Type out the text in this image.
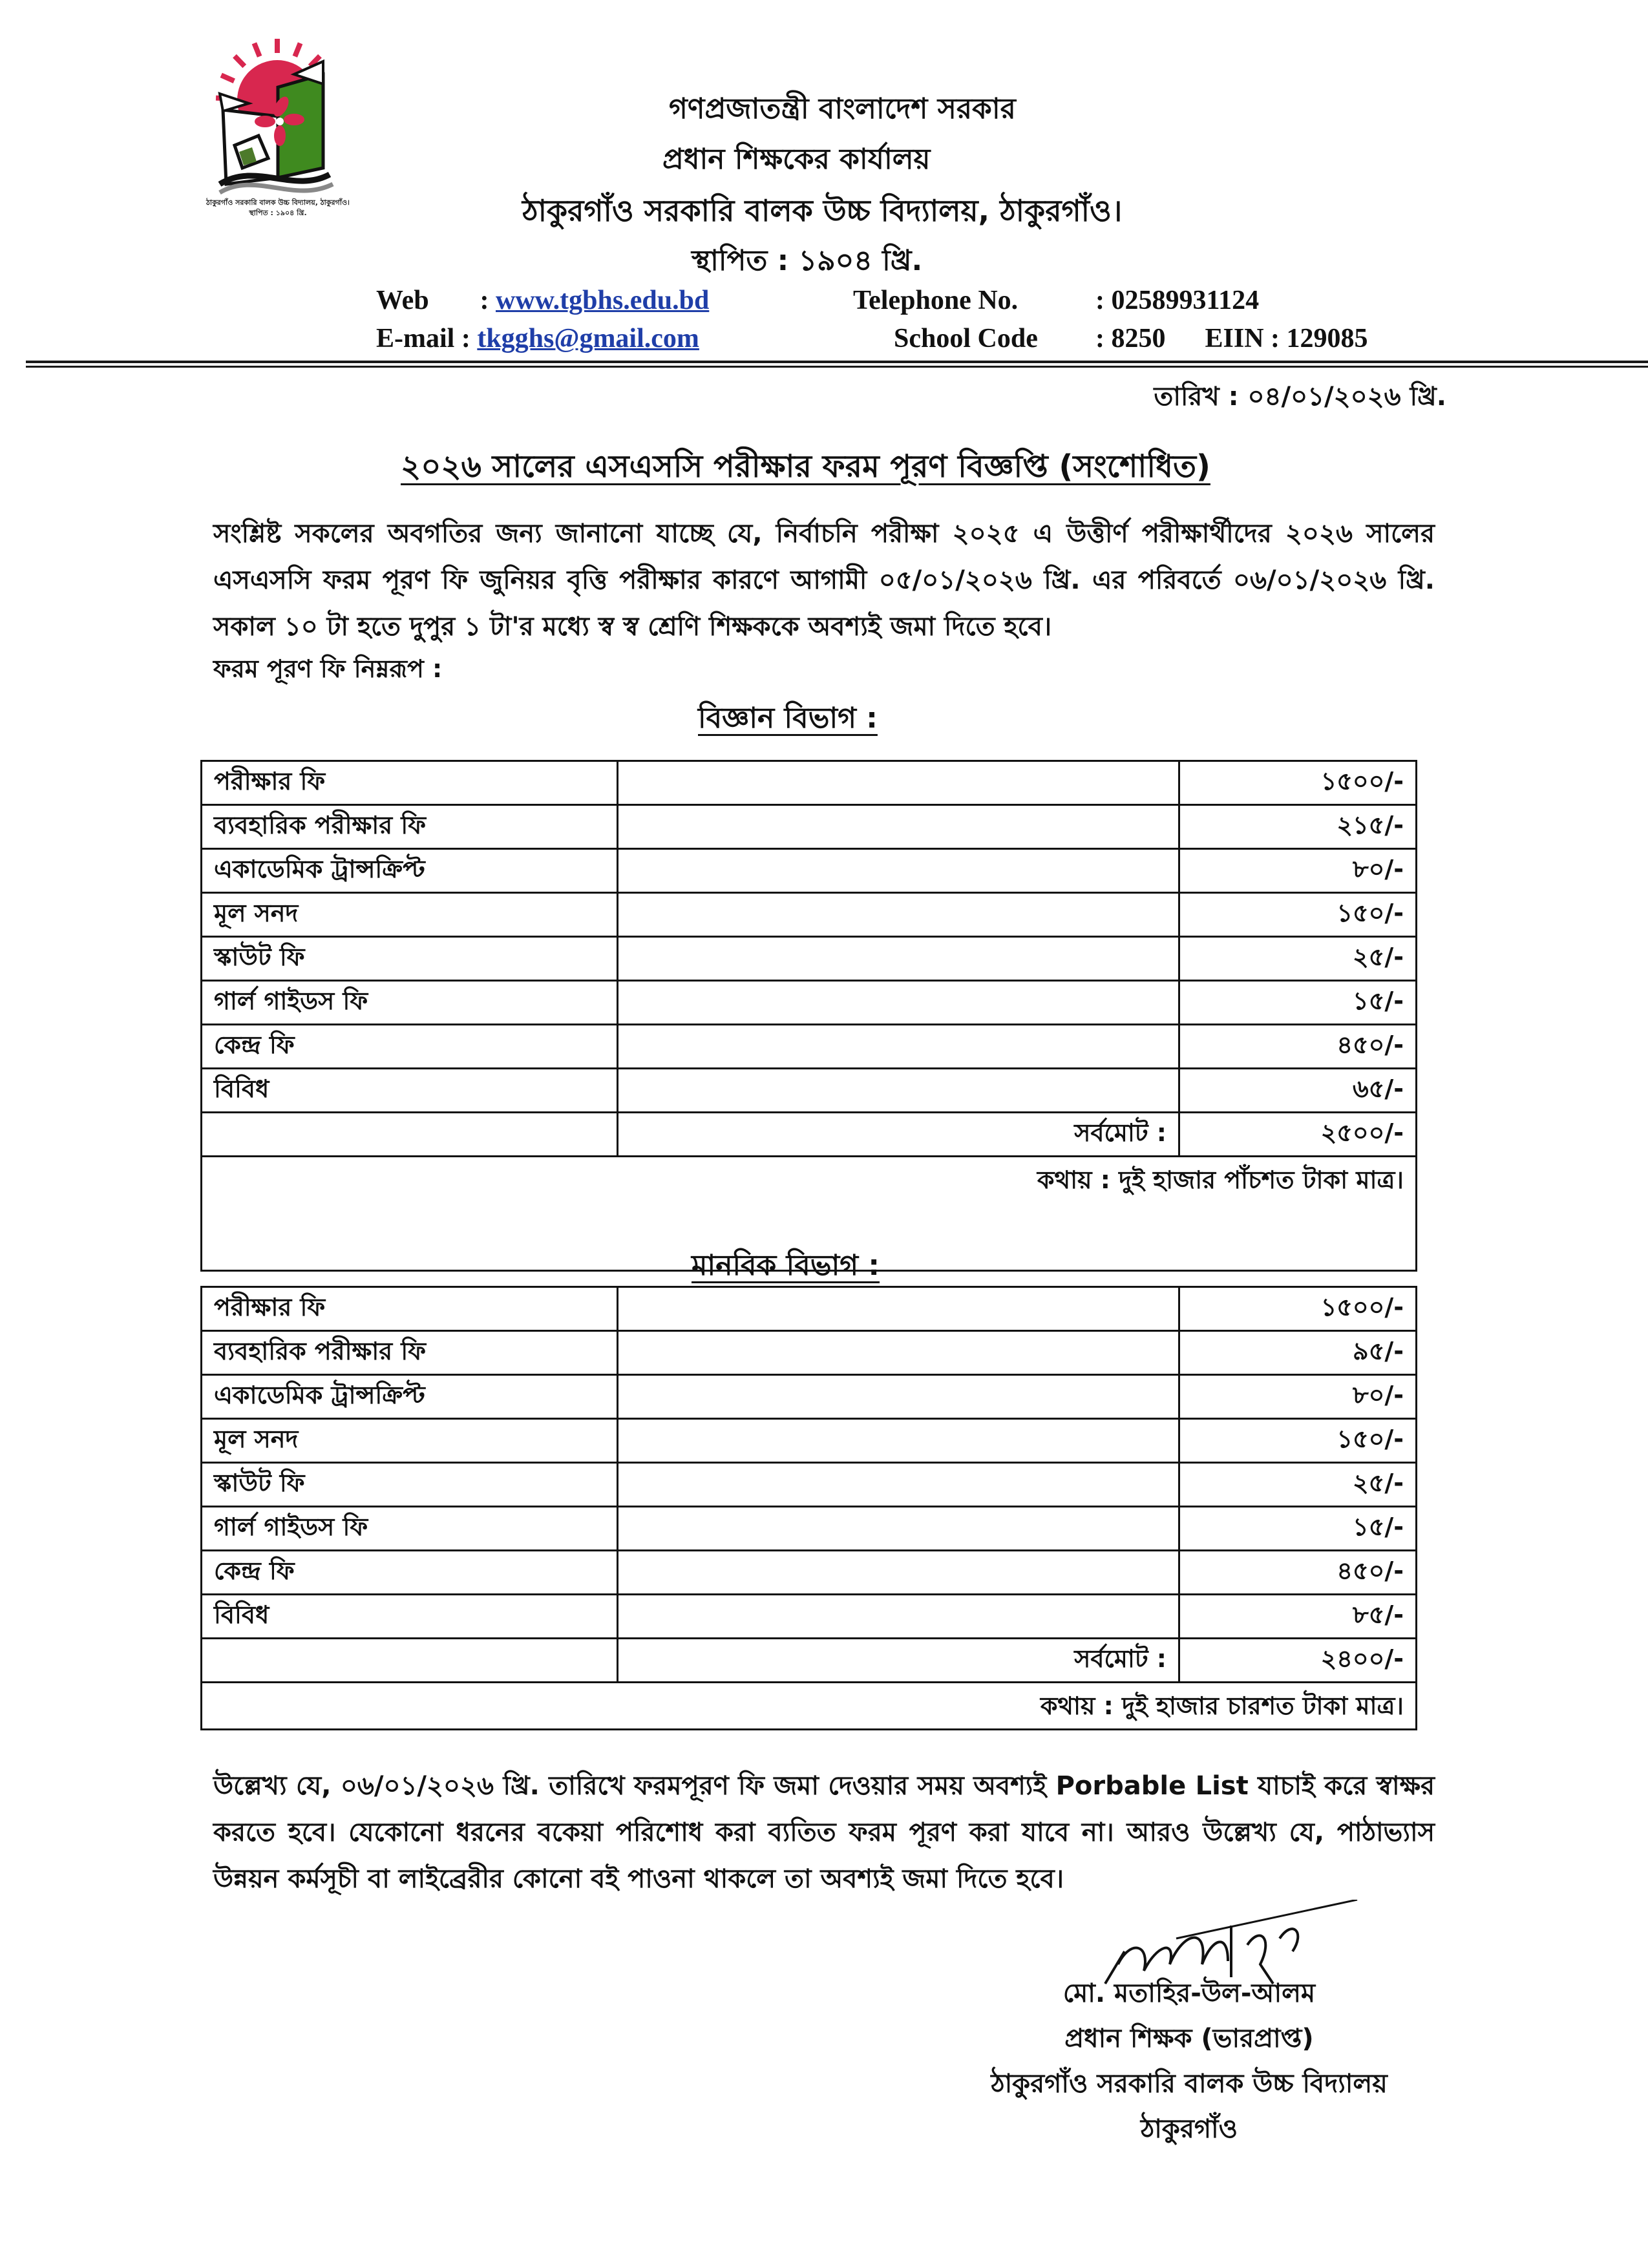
ঠাকুরগাঁও সরকারি বালক উচ্চ বিদ্যালয়, ঠাকুরগাঁও।
স্থাপিত : ১৯০৪ খ্রি.
গণপ্রজাতন্ত্রী বাংলাদেশ সরকার
প্রধান শিক্ষকের কার্যালয়
ঠাকুরগাঁও সরকারি বালক উচ্চ বিদ্যালয়, ঠাকুরগাঁও।
স্থাপিত : ১৯০৪ খ্রি.
Web : www.tgbhs.edu.bd
E-mail : tkgghs@gmail.com
Telephone No.	: 02589931124
School Code : 8250 EIIN : 129085
তারিখ : ০৪/০১/২০২৬ খ্রি.
২০২৬ সালের এসএসসি পরীক্ষার ফরম পূরণ বিজ্ঞপ্তি (সংশোধিত)
সংশ্লিষ্ট সকলের অবগতির জন্য জানানো যাচ্ছে যে, নির্বাচনি পরীক্ষা ২০২৫ এ উত্তীর্ণ পরীক্ষার্থীদের ২০২৬ সালের এসএসসি ফরম পূরণ ফি জুনিয়র বৃত্তি পরীক্ষার কারণে আগামী ০৫/০১/২০২৬ খ্রি. এর পরিবর্তে ০৬/০১/২০২৬ খ্রি. সকাল ১০ টা হতে দুপুর ১ টা'র মধ্যে স্ব স্ব শ্রেণি শিক্ষককে অবশ্যই জমা দিতে হবে।
ফরম পূরণ ফি নিম্নরূপ :
বিজ্ঞান বিভাগ :
পরীক্ষার ফি		১৫০০/-
ব্যবহারিক পরীক্ষার ফি		২১৫/-
একাডেমিক ট্রান্সক্রিপ্ট		৮০/-
মূল সনদ		১৫০/-
স্কাউট ফি		২৫/-
গার্ল গাইডস ফি		১৫/-
কেন্দ্র ফি		৪৫০/-
বিবিধ		৬৫/-
	সর্বমোট :	২৫০০/-
কথায় : দুই হাজার পাঁচশত টাকা মাত্র।		
মানবিক বিভাগ :
পরীক্ষার ফি		১৫০০/-
ব্যবহারিক পরীক্ষার ফি		৯৫/-
একাডেমিক ট্রান্সক্রিপ্ট		৮০/-
মূল সনদ		১৫০/-
স্কাউট ফি		২৫/-
গার্ল গাইডস ফি		১৫/-
কেন্দ্র ফি		৪৫০/-
বিবিধ		৮৫/-
	সর্বমোট :	২৪০০/-
কথায় : দুই হাজার চারশত টাকা মাত্র।		
উল্লেখ্য যে, ০৬/০১/২০২৬ খ্রি. তারিখে ফরমপূরণ ফি জমা দেওয়ার সময় অবশ্যই Porbable List যাচাই করে স্বাক্ষর করতে হবে। যেকোনো ধরনের বকেয়া পরিশোধ করা ব্যতিত ফরম পূরণ করা যাবে না। আরও উল্লেখ্য যে, পাঠাভ্যাস উন্নয়ন কর্মসূচী বা লাইব্রেরীর কোনো বই পাওনা থাকলে তা অবশ্যই জমা দিতে হবে।
মো. মতাহির-উল-আলম
প্রধান শিক্ষক (ভারপ্রাপ্ত)
ঠাকুরগাঁও সরকারি বালক উচ্চ বিদ্যালয়
ঠাকুরগাঁও
